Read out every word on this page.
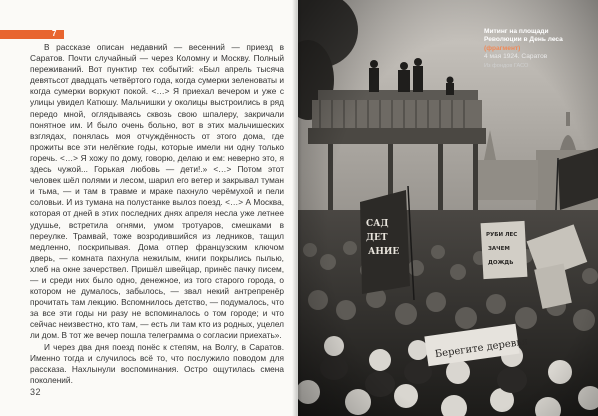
7

В рассказе описан недавний — весенний — приезд в Саратов. Почти случайный — через Коломну и Москву. Полный переживаний. Вот пунктир тех событий: «Был апрель тысяча девятьсот двадцать четвёртого года, когда сумерки зеленоваты и когда сумерки воркуют покой. <…> Я приехал вечером и уже с улицы увидел Катюшу. Мальчишки у околицы выстроились в ряд передо мной, оглядываясь сквозь свою шпалеру, закричали понятное им. И было очень больно, вот в этих мальчишеских взглядах, понялась моя отчуждённость от этого дома, где прожиты все эти нелёгкие годы, которые имели ни одну только горечь. <…> Я хожу по дому, говорю, делаю и ем: неверно это, я здесь чужой... Горькая любовь — дети!.» <…> Потом этот человек шёл полями и лесом, шарил его ветер и закрывал туман и тьма, — и там в травме и мраке пахнуло черёмухой и пели соловьи. И из тумана на полустанке вылоз поезд. <…> А Москва, которая от дней в этих последних днях апреля несла уже летнее удушье, встретила огнями, умом тротуаров, смешками в переулке. Трамвай, тоже возродившийся из ледников, тащил медленно, поскрипывая. Дома отпер французским ключом дверь, — комната пахнула нежилым, книги покрылись пылью, хлеб на окне зачерствел. Пришёл швейцар, принёс пачку писем, — и среди них было одно, денежное, из того старого города, о котором не думалось, забылось, — звал некий антрепренёр прочитать там лекцию. Вспомнилось детство, — подумалось, что за все эти годы ни разу не вспоминалось о том городе; и что сейчас неизвестно, кто там, — есть ли там кто из родных, уцелел ли дом. В тот же вечер пошла телеграмма о согласии приехать».

И через два дня поезд понёс к степям, на Волгу, в Саратов. Именно тогда и случилось всё то, что послужило поводом для рассказа. Нахлынули воспоминания. Остро ощутилась смена поколений.

32
Митинг на площади Революции в День леса (фрагмент)
4 мая 1924. Саратов
Из фондов ГАСО
